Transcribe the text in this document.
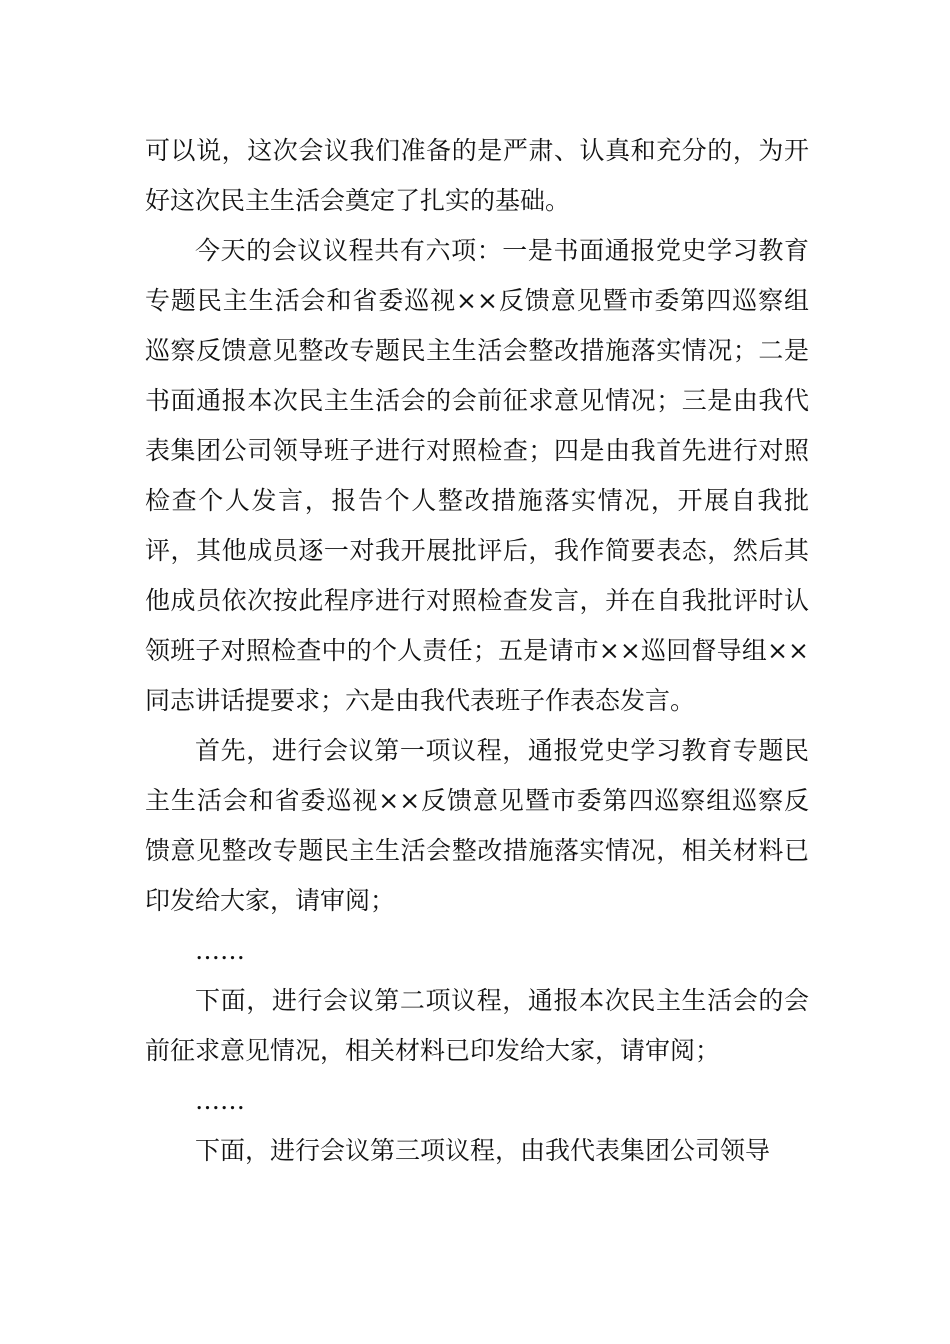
可以说，这次会议我们准备的是严肃、认真和充分的，为开好这次民主生活会奠定了扎实的基础。

今天的会议议程共有六项：一是书面通报党史学习教育专题民主生活会和省委巡视××反馈意见暨市委第四巡察组巡察反馈意见整改专题民主生活会整改措施落实情况；二是书面通报本次民主生活会的会前征求意见情况；三是由我代表集团公司领导班子进行对照检查；四是由我首先进行对照检查个人发言，报告个人整改措施落实情况，开展自我批评，其他成员逐一对我开展批评后，我作简要表态，然后其他成员依次按此程序进行对照检查发言，并在自我批评时认领班子对照检查中的个人责任；五是请市××巡回督导组××同志讲话提要求；六是由我代表班子作表态发言。

首先，进行会议第一项议程，通报党史学习教育专题民主生活会和省委巡视××反馈意见暨市委第四巡察组巡察反馈意见整改专题民主生活会整改措施落实情况，相关材料已印发给大家，请审阅；

……

下面，进行会议第二项议程，通报本次民主生活会的会前征求意见情况，相关材料已印发给大家，请审阅；

……

下面，进行会议第三项议程，由我代表集团公司领导
